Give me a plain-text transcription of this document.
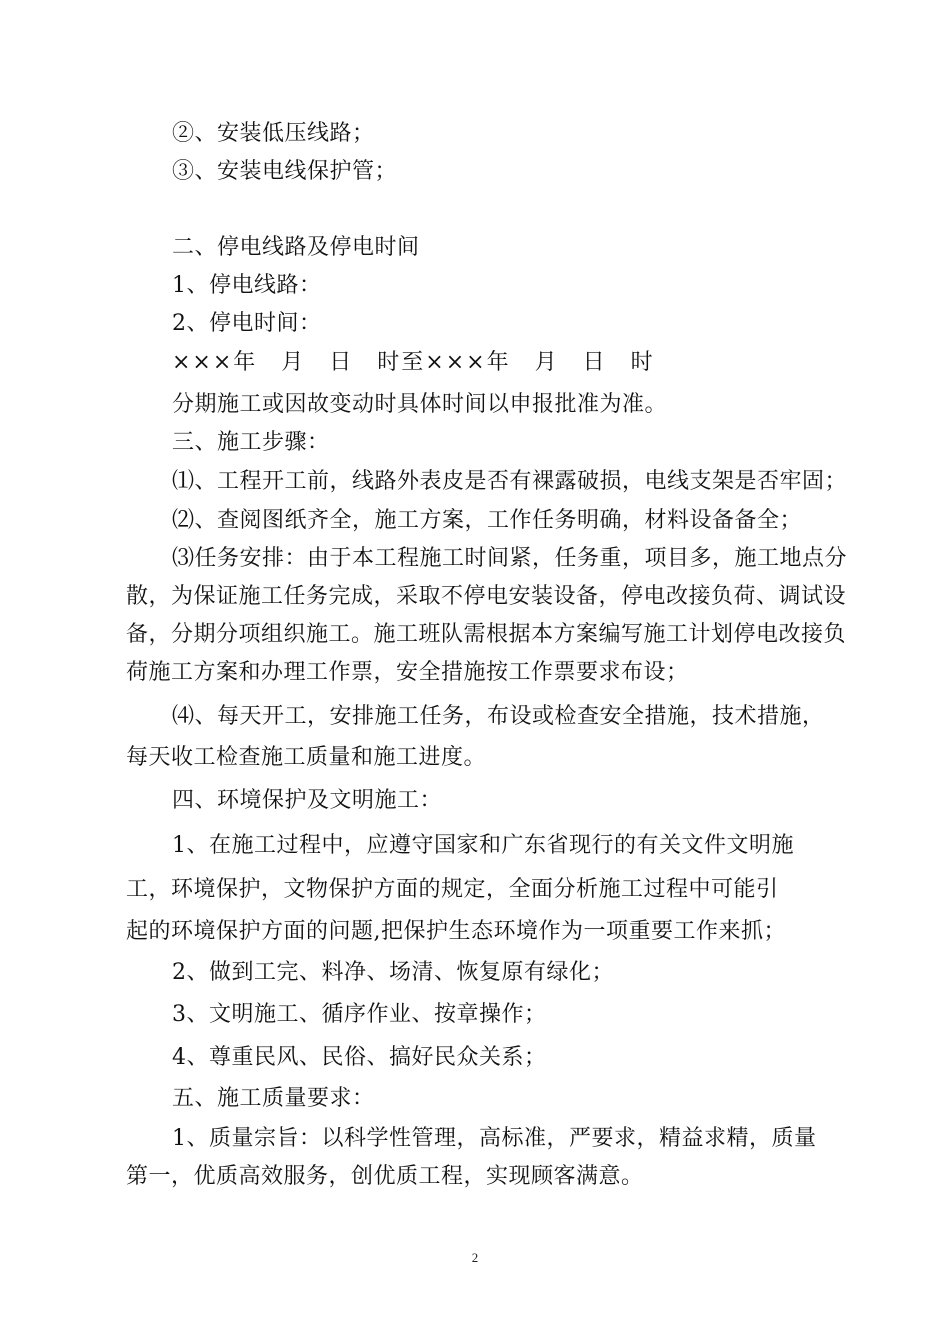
②、安装低压线路；
③、安装电线保护管；
二、停电线路及停电时间
1、停电线路：
2、停电时间：
×××年　月　日　时至×××年　月　日　时
分期施工或因故变动时具体时间以申报批准为准。
三、施工步骤：
⑴、工程开工前，线路外表皮是否有裸露破损，电线支架是否牢固；
⑵、查阅图纸齐全，施工方案，工作任务明确，材料设备备全；
⑶任务安排：由于本工程施工时间紧，任务重，项目多，施工地点分
散，为保证施工任务完成，采取不停电安装设备，停电改接负荷、调试设
备，分期分项组织施工。施工班队需根据本方案编写施工计划停电改接负
荷施工方案和办理工作票，安全措施按工作票要求布设；
⑷、每天开工，安排施工任务，布设或检查安全措施，技术措施，
每天收工检查施工质量和施工进度。
四、环境保护及文明施工：
1、在施工过程中，应遵守国家和广东省现行的有关文件文明施
工，环境保护，文物保护方面的规定，全面分析施工过程中可能引
起的环境保护方面的问题,把保护生态环境作为一项重要工作来抓；
2、做到工完、料净、场清、恢复原有绿化；
3、文明施工、循序作业、按章操作；
4、尊重民风、民俗、搞好民众关系；
五、施工质量要求：
1、质量宗旨：以科学性管理，高标准，严要求，精益求精，质量
第一，优质高效服务，创优质工程，实现顾客满意。
2
